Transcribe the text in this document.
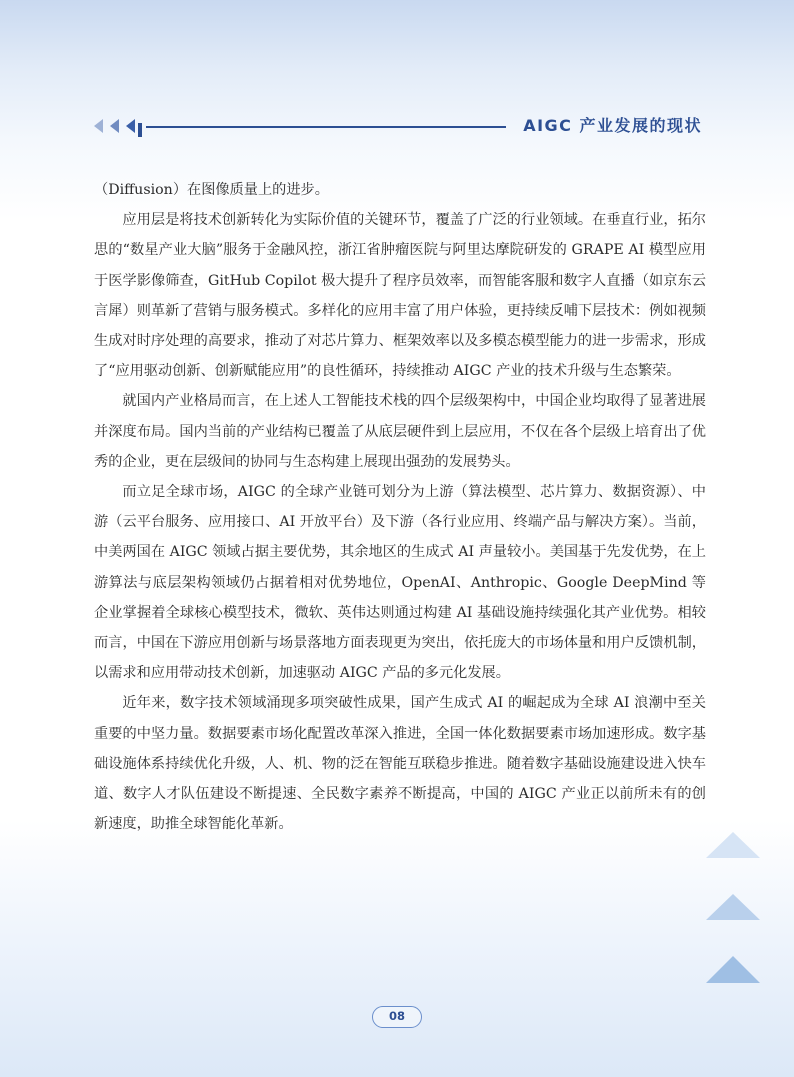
AIGC 产业发展的现状

（Diffusion）在图像质量上的进步。

应用层是将技术创新转化为实际价值的关键环节，覆盖了广泛的行业领域。在垂直行业，拓尔思的“数星产业大脑”服务于金融风控，浙江省肿瘤医院与阿里达摩院研发的 GRAPE AI 模型应用于医学影像筛查，GitHub Copilot 极大提升了程序员效率，而智能客服和数字人直播（如京东云言犀）则革新了营销与服务模式。多样化的应用丰富了用户体验，更持续反哺下层技术：例如视频生成对时序处理的高要求，推动了对芯片算力、框架效率以及多模态模型能力的进一步需求，形成了“应用驱动创新、创新赋能应用”的良性循环，持续推动 AIGC 产业的技术升级与生态繁荣。

就国内产业格局而言，在上述人工智能技术栈的四个层级架构中，中国企业均取得了显著进展并深度布局。国内当前的产业结构已覆盖了从底层硬件到上层应用，不仅在各个层级上培育出了优秀的企业，更在层级间的协同与生态构建上展现出强劲的发展势头。

而立足全球市场，AIGC 的全球产业链可划分为上游（算法模型、芯片算力、数据资源）、中游（云平台服务、应用接口、AI 开放平台）及下游（各行业应用、终端产品与解决方案）。当前，中美两国在 AIGC 领域占据主要优势，其余地区的生成式 AI 声量较小。美国基于先发优势，在上游算法与底层架构领域仍占据着相对优势地位，OpenAI、Anthropic、Google DeepMind 等企业掌握着全球核心模型技术，微软、英伟达则通过构建 AI 基础设施持续强化其产业优势。相较而言，中国在下游应用创新与场景落地方面表现更为突出，依托庞大的市场体量和用户反馈机制，以需求和应用带动技术创新，加速驱动 AIGC 产品的多元化发展。

近年来，数字技术领域涌现多项突破性成果，国产生成式 AI 的崛起成为全球 AI 浪潮中至关重要的中坚力量。数据要素市场化配置改革深入推进，全国一体化数据要素市场加速形成。数字基础设施体系持续优化升级，人、机、物的泛在智能互联稳步推进。随着数字基础设施建设进入快车道、数字人才队伍建设不断提速、全民数字素养不断提高，中国的 AIGC 产业正以前所未有的创新速度，助推全球智能化革新。

08
